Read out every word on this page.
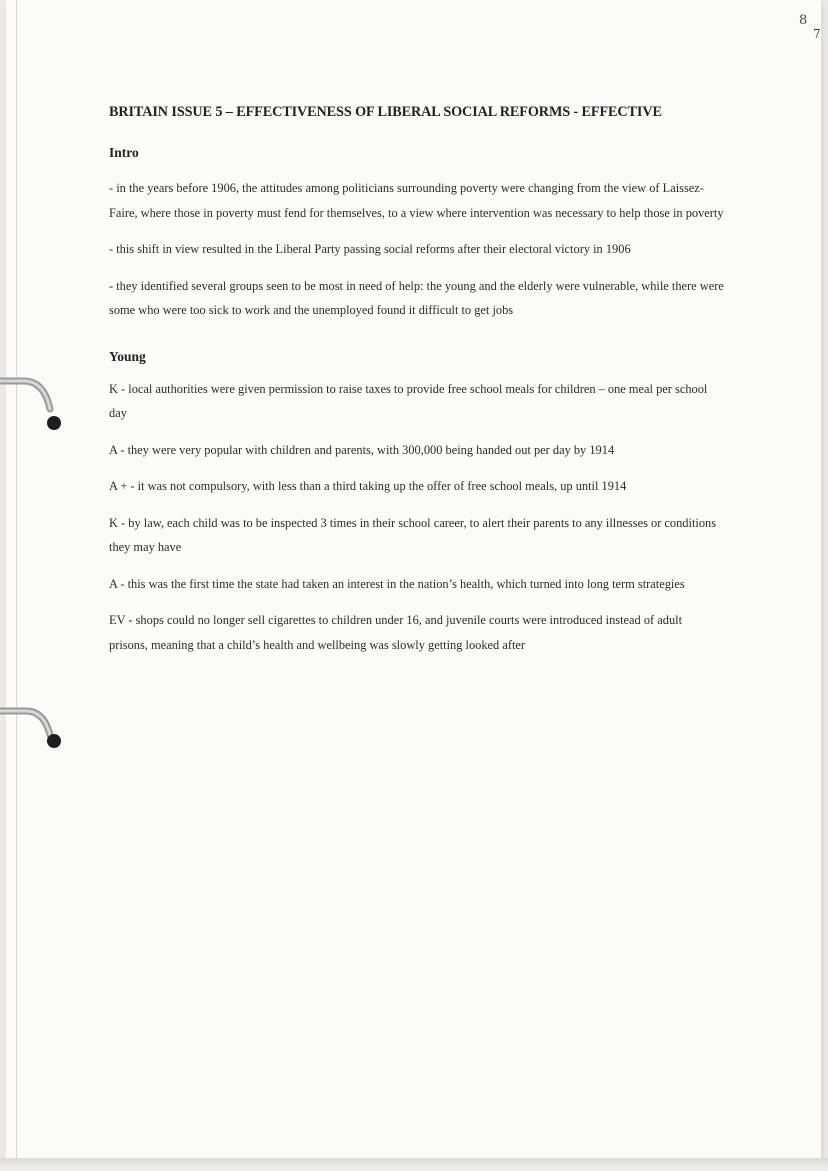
8
7
BRITAIN ISSUE 5 – EFFECTIVENESS OF LIBERAL SOCIAL REFORMS - EFFECTIVE
Intro

- in the years before 1906, the attitudes among politicians surrounding poverty were changing from the view of Laissez-Faire, where those in poverty must fend for themselves, to a view where intervention was necessary to help those in poverty

- this shift in view resulted in the Liberal Party passing social reforms after their electoral victory in 1906

- they identified several groups seen to be most in need of help: the young and the elderly were vulnerable, while there were some who were too sick to work and the unemployed found it difficult to get jobs

Young

K - local authorities were given permission to raise taxes to provide free school meals for children – one meal per school day

A - they were very popular with children and parents, with 300,000 being handed out per day by 1914

A + - it was not compulsory, with less than a third taking up the offer of free school meals, up until 1914

K - by law, each child was to be inspected 3 times in their school career, to alert their parents to any illnesses or conditions they may have

A - this was the first time the state had taken an interest in the nation’s health, which turned into long term strategies

EV - shops could no longer sell cigarettes to children under 16, and juvenile courts were introduced instead of adult prisons, meaning that a child’s health and wellbeing was slowly getting looked after
